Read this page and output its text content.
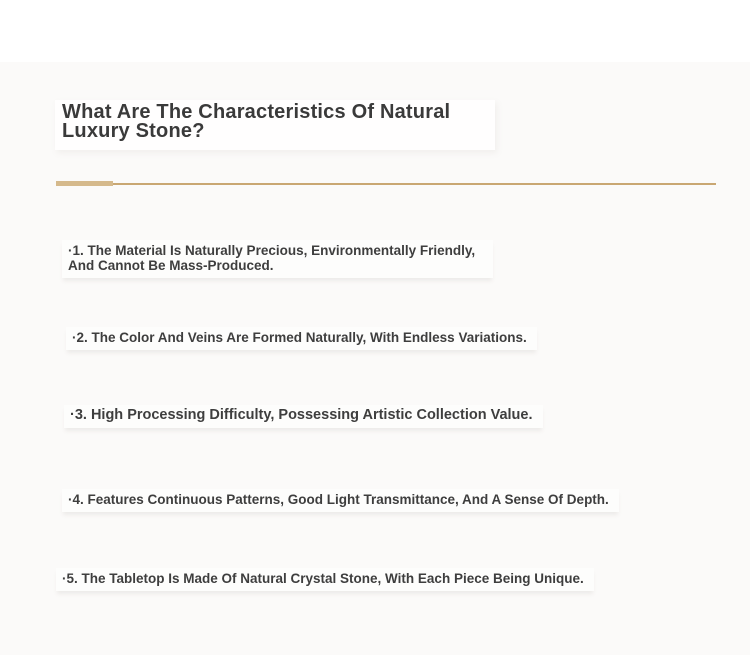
What Are The Characteristics Of Natural Luxury Stone?
·1. The Material Is Naturally Precious, Environmentally Friendly, And Cannot Be Mass-Produced.
·2. The Color And Veins Are Formed Naturally, With Endless Variations.
·3. High Processing Difficulty, Possessing Artistic Collection Value.
·4. Features Continuous Patterns, Good Light Transmittance, And A Sense Of Depth.
·5. The Tabletop Is Made Of Natural Crystal Stone, With Each Piece Being Unique.
